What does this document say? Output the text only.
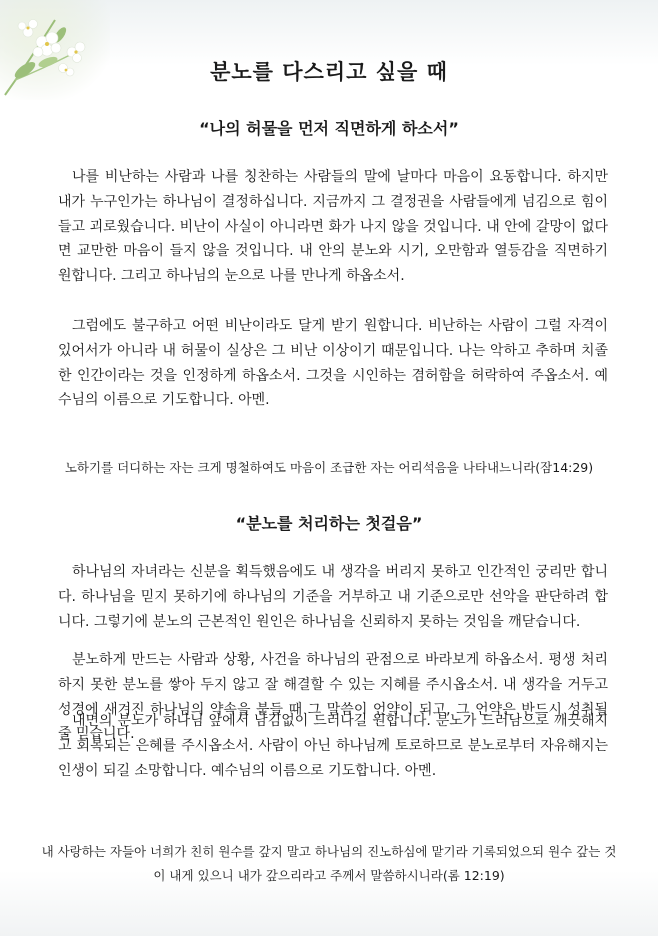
분노를 다스리고 싶을 때
“나의 허물을 먼저 직면하게 하소서”

나를 비난하는 사람과 나를 칭찬하는 사람들의 말에 날마다 마음이 요동합니다. 하지만 내가 누구인가는 하나님이 결정하십니다. 지금까지 그 결정권을 사람들에게 넘김으로 힘이 들고 괴로웠습니다. 비난이 사실이 아니라면 화가 나지 않을 것입니다. 내 안에 갈망이 없다면 교만한 마음이 들지 않을 것입니다. 내 안의 분노와 시기, 오만함과 열등감을 직면하기 원합니다. 그리고 하나님의 눈으로 나를 만나게 하옵소서.

그럼에도 불구하고 어떤 비난이라도 달게 받기 원합니다. 비난하는 사람이 그럴 자격이 있어서가 아니라 내 허물이 실상은 그 비난 이상이기 때문입니다. 나는 악하고 추하며 치졸한 인간이라는 것을 인정하게 하옵소서. 그것을 시인하는 겸허함을 허락하여 주옵소서. 예수님의 이름으로 기도합니다. 아멘.

노하기를 더디하는 자는 크게 명철하여도 마음이 조급한 자는 어리석음을 나타내느니라(잠14:29)

“분노를 처리하는 첫걸음”

하나님의 자녀라는 신분을 획득했음에도 내 생각을 버리지 못하고 인간적인 궁리만 합니다. 하나님을 믿지 못하기에 하나님의 기준을 거부하고 내 기준으로만 선악을 판단하려 합니다. 그렇기에 분노의 근본적인 원인은 하나님을 신뢰하지 못하는 것임을 깨닫습니다.

분노하게 만드는 사람과 상황, 사건을 하나님의 관점으로 바라보게 하옵소서. 평생 처리하지 못한 분노를 쌓아 두지 않고 잘 해결할 수 있는 지혜를 주시옵소서. 내 생각을 거두고 성경에 새겨진 하나님의 약속을 붙들 때 그 말씀이 언약이 되고, 그 언약은 반드시 성취될 줄 믿습니다.

내면의 분노가 하나님 앞에서 남김없이 드러나길 원합니다. 분노가 드러남으로 깨끗해지고 회복되는 은혜를 주시옵소서. 사람이 아닌 하나님께 토로하므로 분노로부터 자유해지는 인생이 되길 소망합니다. 예수님의 이름으로 기도합니다. 아멘.

내 사랑하는 자들아 너희가 친히 원수를 갚지 말고 하나님의 진노하심에 맡기라 기록되었으되 원수 갚는 것이 내게 있으니 내가 갚으리라고 주께서 말씀하시니라(롬 12:19)
